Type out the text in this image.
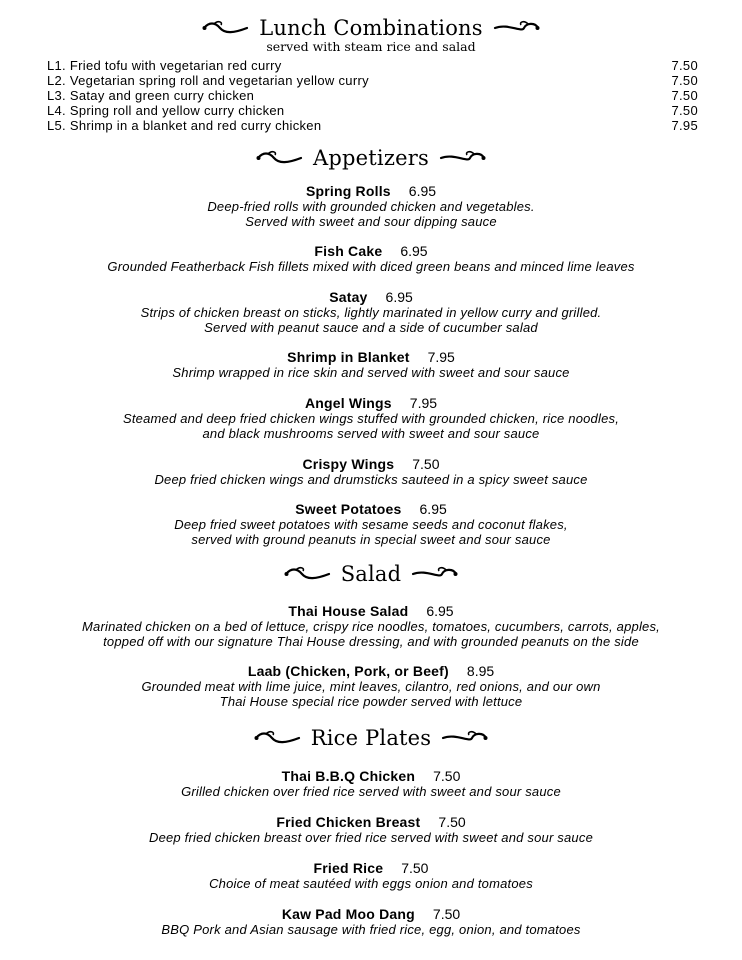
Lunch Combinations
served with steam rice and salad
L1. Fried tofu with vegetarian red curry	7.50
L2. Vegetarian spring roll and vegetarian yellow curry	7.50
L3. Satay and green curry chicken	7.50
L4. Spring roll and yellow curry chicken	7.50
L5. Shrimp in a blanket and red curry chicken	7.95
Appetizers
Spring Rolls 6.95
Deep-fried rolls with grounded chicken and vegetables.
Served with sweet and sour dipping sauce
Fish Cake 6.95
Grounded Featherback Fish fillets mixed with diced green beans and minced lime leaves
Satay 6.95
Strips of chicken breast on sticks, lightly marinated in yellow curry and grilled.
Served with peanut sauce and a side of cucumber salad
Shrimp in Blanket 7.95
Shrimp wrapped in rice skin and served with sweet and sour sauce
Angel Wings 7.95
Steamed and deep fried chicken wings stuffed with grounded chicken, rice noodles,
and black mushrooms served with sweet and sour sauce
Crispy Wings 7.50
Deep fried chicken wings and drumsticks sauteed in a spicy sweet sauce
Sweet Potatoes 6.95
Deep fried sweet potatoes with sesame seeds and coconut flakes,
served with ground peanuts in special sweet and sour sauce
Salad
Thai House Salad 6.95
Marinated chicken on a bed of lettuce, crispy rice noodles, tomatoes, cucumbers, carrots, apples,
topped off with our signature Thai House dressing, and with grounded peanuts on the side
Laab (Chicken, Pork, or Beef) 8.95
Grounded meat with lime juice, mint leaves, cilantro, red onions, and our own
Thai House special rice powder served with lettuce
Rice Plates
Thai B.B.Q Chicken 7.50
Grilled chicken over fried rice served with sweet and sour sauce
Fried Chicken Breast 7.50
Deep fried chicken breast over fried rice served with sweet and sour sauce
Fried Rice 7.50
Choice of meat sautéed with eggs onion and tomatoes
Kaw Pad Moo Dang 7.50
BBQ Pork and Asian sausage with fried rice, egg, onion, and tomatoes
